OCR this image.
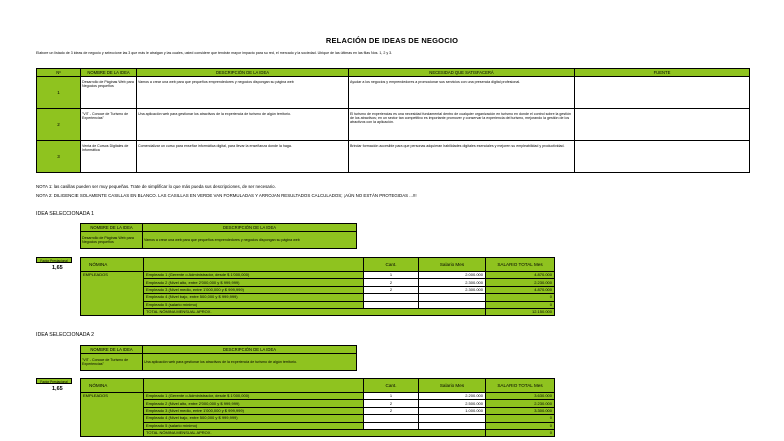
RELACIÓN DE IDEAS DE NEGOCIO
Elabore un listado de 3 ideas de negocio y seleccione las 3 que más le atraigan y las cuales, usted considere que tendrán mayor impacto para su red, el mercado y la sociedad. Ubique de las últimas en las filas Nos. 1, 2 y 3.
Nº	NOMBRE DE LA IDEA	DESCRIPCIÓN DE LA IDEA	NECESIDAD QUE SATISFACERÁ	FUENTE
1	Desarrollo de Páginas Web para Negocios pequeños	Vamos a crear una web para que pequeños emprendedores y negocios dispongan su página web	Ayudar a los negocios y emprendedores a promocionar sus servicios con una presencia digital profesional.	
2	"VIT - Conoce de Turismo de Experiencias"	Una aplicación web para gestionar los atractivos de la experiencia de turismo de algún territorio.	El turismo de experiencias es una necesidad fundamental dentro de cualquier organización en turismo en donde el control sobre la gestión de los atractivos; en un sector tan competitivo es importante promover y conservar la experiencia del turismo, mejorando la gestión de los atractivos con la aplicación.	
3	Venta de Cursos Digitales de Informática	Comercializar un curso para enseñar informática digital, para llevar la enseñanza donde la haga.	Brindar formación accesible para que personas adquieran habilidades digitales esenciales y mejoren su empleabilidad y productividad.	
NOTA 1: las casillas pueden ser muy pequeñas. Trate de simplificar lo que más pueda sus descripciones, de ser necesario.
NOTA 2: DILIGENCIE SOLAMENTE CASILLAS EN BLANCO. LAS CASILLAS EN VERDE VAN FORMULADAS Y ARROJAN RESULTADOS CALCULADOS; ¡AÚN NO ESTÁN PROTEGIDAS ...!!!
IDEA SELECCIONADA 1
NOMBRE DE LA IDEA	DESCRIPCIÓN DE LA IDEA
Desarrollo de Páginas Web para Negocios pequeños	Vamos a crear una web para que pequeños emprendedores y negocios dispongan su página web
Factor Prestacional
1,65
NÓMINA		Cant.	Salario Mes	SALARIO TOTAL Mes
EMPLEADOS	Empleado 1 (Gerente o Administrador, desde $ 1'000,000)	1	2.000.000	4.870.000
	Empleado 2 (Nivel alto, entre 2'000,000 y $ 999,999)	2	2.300.000	2.230.000
	Empleado 3 (Nivel medio, entre 1'000,000 y $ 999,999)	2	2.300.000	4.870.000
	Empleado 4 (Nivel bajo, entre 500,000 y $ 999,999)			0
	Empleado 5 (salario mínimo)			0
	TOTAL NÓMINA MENSUAL APROX.			12.150.000
IDEA SELECCIONADA 2
NOMBRE DE LA IDEA	DESCRIPCIÓN DE LA IDEA
"VIT - Conoce de Turismo de Experiencias"	Una aplicación web para gestionar los atractivos de la experiencia de turismo de algún territorio.
Factor Prestacional
1,65
NÓMINA		Cant.	Salario Mes	SALARIO TOTAL Mes
EMPLEADOS	Empleado 1 (Gerente o Administrador, desde $ 1'000,000)	1	2.200.000	3.630.000
	Empleado 2 (Nivel alto, entre 2'000,000 y $ 999,999)	2	2.500.000	2.230.000
	Empleado 3 (Nivel medio, entre 1'000,000 y $ 999,999)	2	1.000.000	3.300.000
	Empleado 4 (Nivel bajo, entre 500,000 y $ 999,999)			0
	Empleado 5 (salario mínimo)			0
	TOTAL NÓMINA MENSUAL APROX.			0
